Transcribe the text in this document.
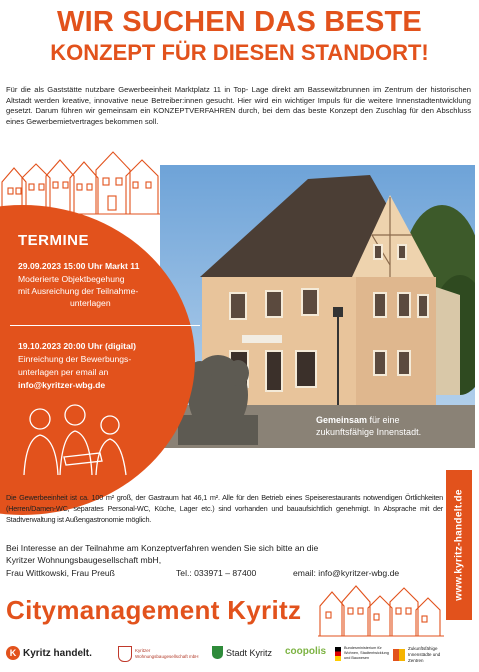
WIR SUCHEN DAS BESTE
KONZEPT FÜR DIESEN STANDORT!
Für die als Gaststätte nutzbare Gewerbeeinheit Marktplatz 11 in Top- Lage direkt am Bassewitzbrunnen im Zentrum der historischen Altstadt werden kreative, innovative neue Betreiber:innen gesucht. Hier wird ein wichtiger Impuls für die weitere Innenstadtentwicklung gesetzt. Darum führen wir gemeinsam ein KONZEPTVERFAHREN durch, bei dem das beste Konzept den Zuschlag für den Abschluss eines Gewerbemietvertrages bekommen soll.
TERMINE
29.09.2023 15:00 Uhr Markt 11
Moderierte Objektbegehung
mit Ausreichung der Teilnahme-
unterlagen
19.10.2023 20:00 Uhr (digital)
Einreichung der Bewerbungs-
unterlagen per email an
info@kyritzer-wbg.de
Gemeinsam für eine
zukunftsfähige Innenstadt.
Die Gewerbeeinheit ist ca. 100 m² groß, der Gastraum hat 46,1 m². Alle für den Betrieb eines Speiserestaurants notwendigen Örtlichkeiten (Herren/Damen-WC, separates Personal-WC, Küche, Lager etc.) sind vorhanden und bauaufsichtlich genehmigt. In Absprache mit der Stadtverwaltung ist Außengastronomie möglich.
Bei Interesse an der Teilnahme am Konzeptverfahren wenden Sie sich bitte an die
Kyritzer Wohnungsbaugesellschaft mbH,
Frau Wittkowski, Frau Preuß	Tel.: 033971 – 87400	email: info@kyritzer-wbg.de
Citymanagement Kyritz
www.kyritz-handelt.de
K Kyritz handelt.	Kyritzer Wohnungsbaugesellschaft mbH	Stadt Kyritz coopolis	Bundesministerium für Wohnen, Stadtentwicklung und Bauwesen
Zukunftsfähige Innenstädte und Zentren
